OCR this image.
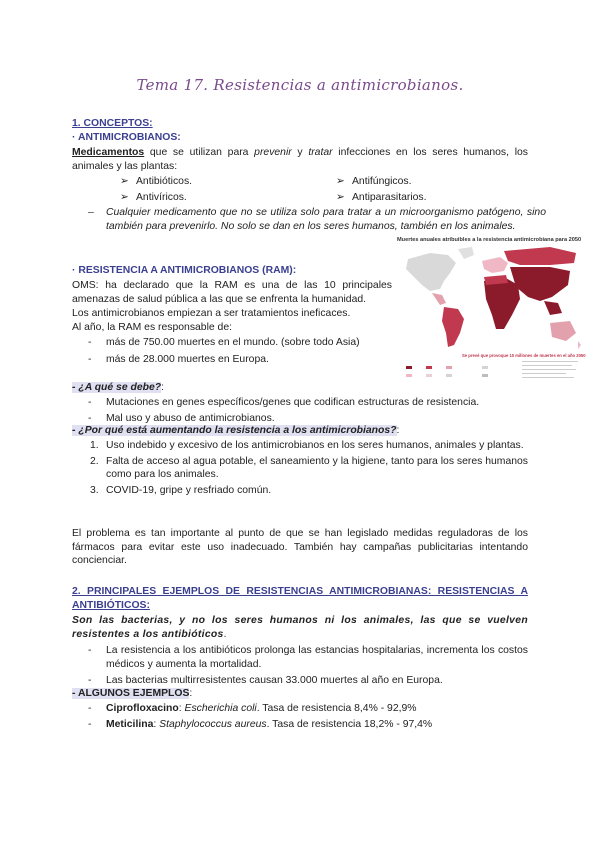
Tema 17. Resistencias a antimicrobianos.
1. CONCEPTOS:
· ANTIMICROBIANOS:
Medicamentos que se utilizan para prevenir y tratar infecciones en los seres humanos, los animales y las plantas:
➢ Antibióticos.	➢ Antifúngicos.
➢ Antivíricos.	➢ Antiparasitarios.
– Cualquier medicamento que no se utiliza solo para tratar a un microorganismo patógeno, sino también para prevenirlo. No solo se dan en los seres humanos, también en los animales.
Muertes anuales atribuibles a la resistencia antimicrobiana para 2050
Se prevé que provoque 10 millones de muertes en el año 2050
· RESISTENCIA A ANTIMICROBIANOS (RAM):
OMS: ha declarado que la RAM es una de las 10 principales amenazas de salud pública a las que se enfrenta la humanidad.
Los antimicrobianos empiezan a ser tratamientos ineficaces.
Al año, la RAM es responsable de:
- más de 750.00 muertes en el mundo. (sobre todo Asia)
- más de 28.000 muertes en Europa.
- ¿A qué se debe?:
- Mutaciones en genes específicos/genes que codifican estructuras de resistencia.
- Mal uso y abuso de antimicrobianos.
- ¿Por qué está aumentando la resistencia a los antimicrobianos?:
1. Uso indebido y excesivo de los antimicrobianos en los seres humanos, animales y plantas.
2. Falta de acceso al agua potable, el saneamiento y la higiene, tanto para los seres humanos como para los animales.
3. COVID-19, gripe y resfriado común.
El problema es tan importante al punto de que se han legislado medidas reguladoras de los fármacos para evitar este uso inadecuado. También hay campañas publicitarias intentando concienciar.
2. PRINCIPALES EJEMPLOS DE RESISTENCIAS ANTIMICROBIANAS: RESISTENCIAS A ANTIBIÓTICOS:
Son las bacterias, y no los seres humanos ni los animales, las que se vuelven resistentes a los antibióticos.
- La resistencia a los antibióticos prolonga las estancias hospitalarias, incrementa los costos médicos y aumenta la mortalidad.
- Las bacterias multirresistentes causan 33.000 muertes al año en Europa.
- ALGUNOS EJEMPLOS:
- Ciprofloxacino: Escherichia coli. Tasa de resistencia 8,4% - 92,9%
- Meticilina: Staphylococcus aureus. Tasa de resistencia 18,2% - 97,4%
